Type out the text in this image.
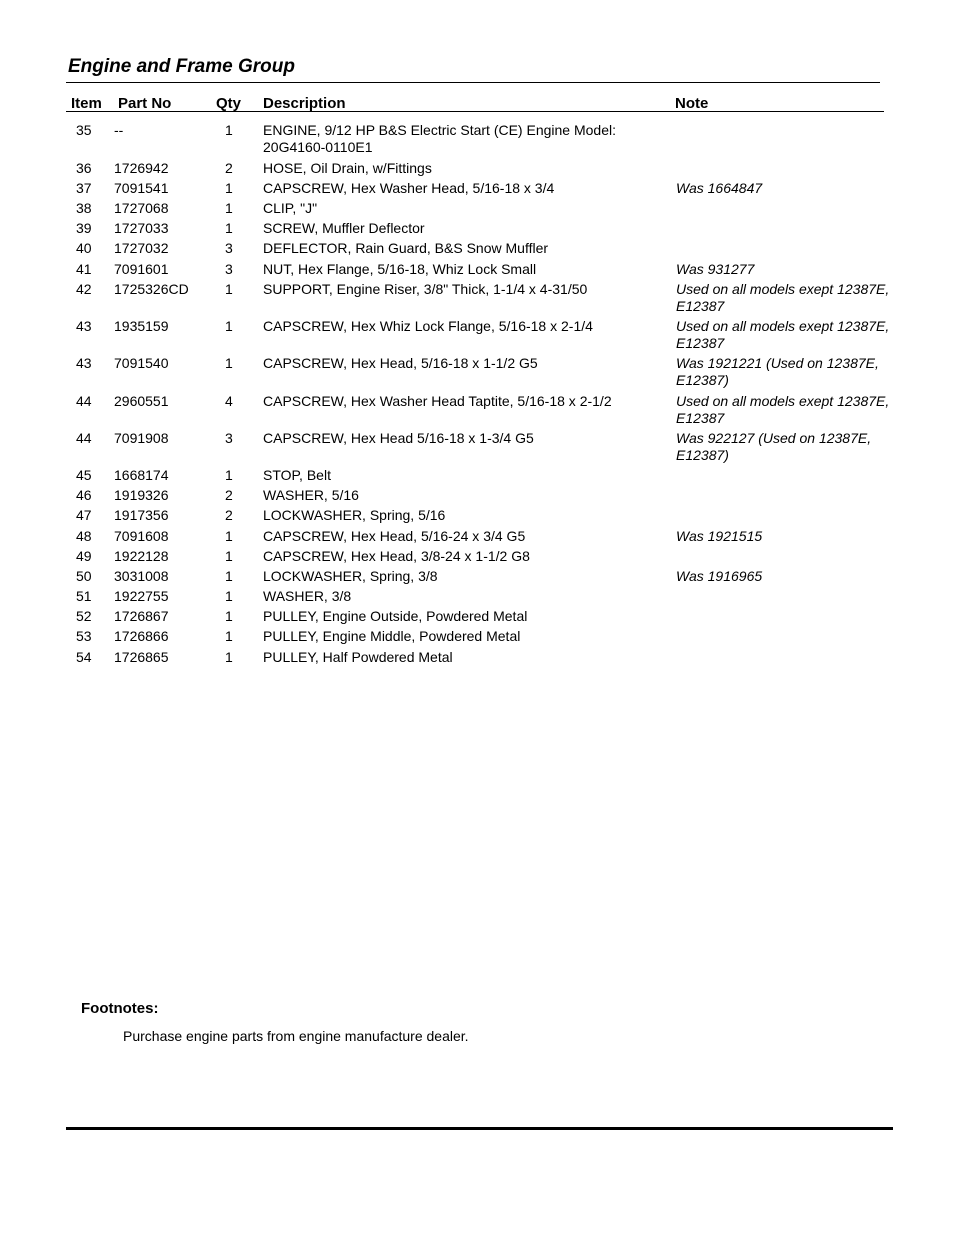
Engine and Frame Group
Item Part No	Qty Description	Note
35 --	1 ENGINE, 9/12 HP B&S Electric Start (CE) Engine Model: 20G4160-0110E1
36 1726942	2 HOSE, Oil Drain, w/Fittings
37 7091541	1 CAPSCREW, Hex Washer Head, 5/16-18 x 3/4	Was 1664847
38 1727068	1 CLIP, "J"
39 1727033	1 SCREW, Muffler Deflector
40 1727032	3 DEFLECTOR, Rain Guard, B&S Snow Muffler
41 7091601	3 NUT, Hex Flange, 5/16-18, Whiz Lock Small	Was 931277
42 1725326CD	1 SUPPORT, Engine Riser, 3/8" Thick, 1-1/4 x 4-31/50	Used on all models exept 12387E, E12387
43 1935159	1 CAPSCREW, Hex Whiz Lock Flange, 5/16-18 x 2-1/4	Used on all models exept 12387E, E12387
43 7091540	1 CAPSCREW, Hex Head, 5/16-18 x 1-1/2 G5	Was 1921221 (Used on 12387E, E12387)
44 2960551	4 CAPSCREW, Hex Washer Head Taptite, 5/16-18 x 2-1/2	Used on all models exept 12387E, E12387
44 7091908	3 CAPSCREW, Hex Head 5/16-18 x 1-3/4 G5	Was 922127 (Used on 12387E, E12387)
45 1668174	1 STOP, Belt
46 1919326	2 WASHER, 5/16
47 1917356	2 LOCKWASHER, Spring, 5/16
48 7091608	1 CAPSCREW, Hex Head, 5/16-24 x 3/4 G5	Was 1921515
49 1922128	1 CAPSCREW, Hex Head, 3/8-24 x 1-1/2 G8
50 3031008	1 LOCKWASHER, Spring, 3/8	Was 1916965
51 1922755	1 WASHER, 3/8
52 1726867	1 PULLEY, Engine Outside, Powdered Metal
53 1726866	1 PULLEY, Engine Middle, Powdered Metal
54 1726865	1 PULLEY, Half Powdered Metal
Footnotes:
Purchase engine parts from engine manufacture dealer.
